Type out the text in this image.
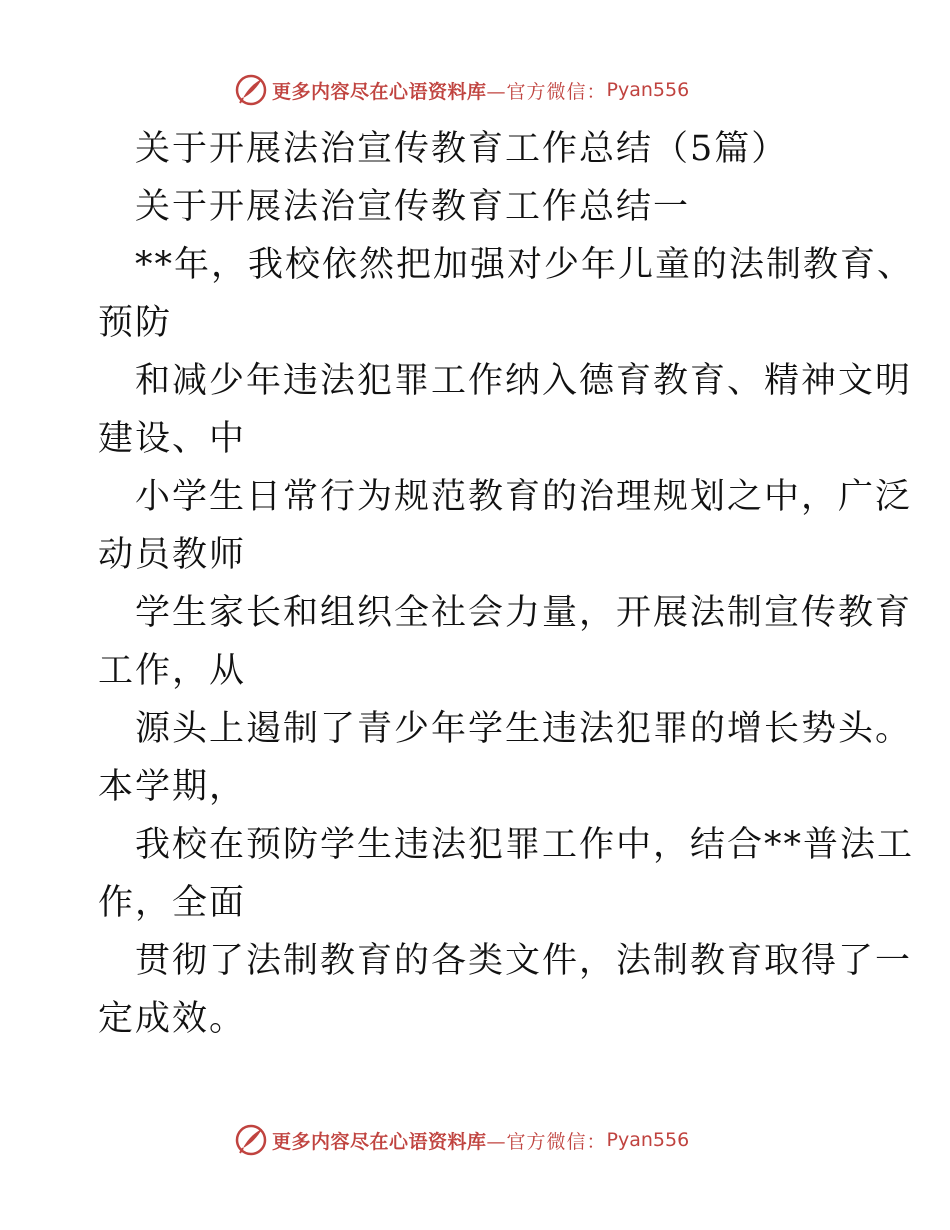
更多内容尽在心语资料库 —官方微信： Pyan556
关于开展法治宣传教育工作总结（5篇）
关于开展法治宣传教育工作总结一
**年，我校依然把加强对少年儿童的法制教育、
预防
和减少年违法犯罪工作纳入德育教育、精神文明
建设、中
小学生日常行为规范教育的治理规划之中，广泛
动员教师
学生家长和组织全社会力量，开展法制宣传教育
工作，从
源头上遏制了青少年学生违法犯罪的增长势头。
本学期，
我校在预防学生违法犯罪工作中，结合**普法工
作，全面
贯彻了法制教育的各类文件，法制教育取得了一
定成效。
更多内容尽在心语资料库 —官方微信： Pyan556
